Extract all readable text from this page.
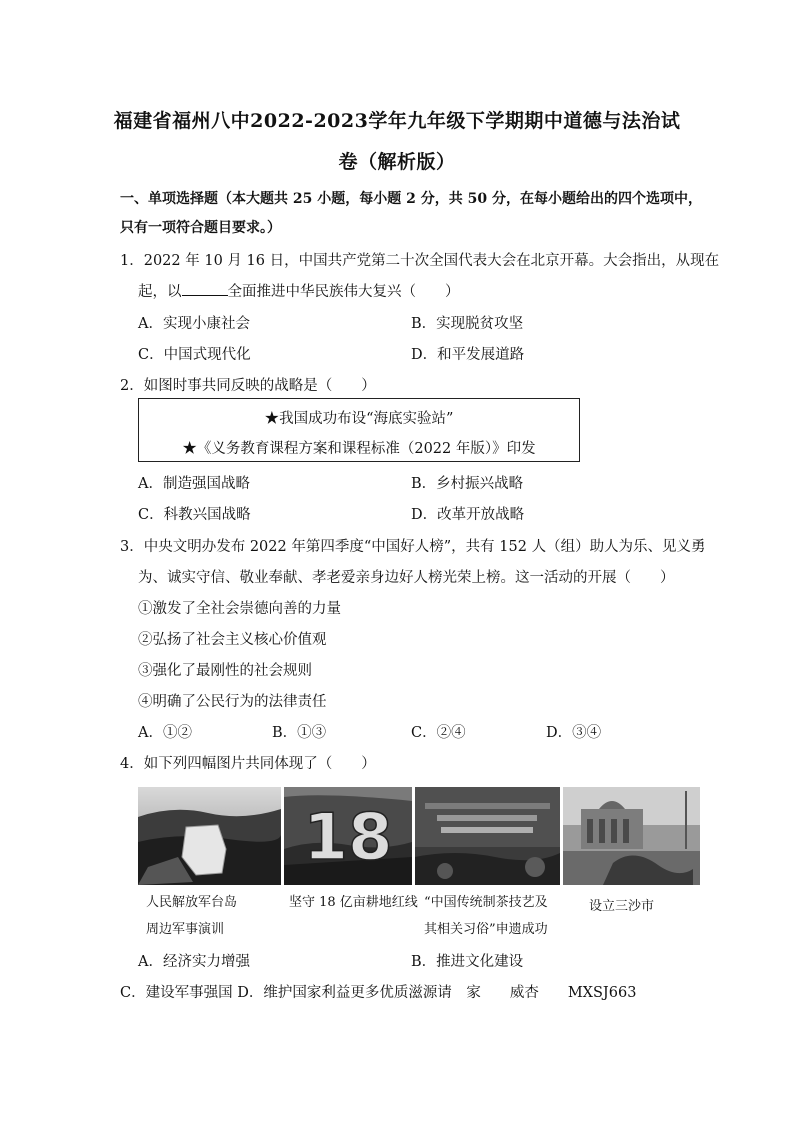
福建省福州八中2022-2023学年九年级下学期期中道德与法治试
卷（解析版）
一、单项选择题（本大题共 25 小题，每小题 2 分，共 50 分，在每小题给出的四个选项中，
只有一项符合题目要求。）
1．2022 年 10 月 16 日，中国共产党第二十次全国代表大会在北京开幕。大会指出，从现在
起，以	全面推进中华民族伟大复兴（　　）
A．实现小康社会	B．实现脱贫攻坚
C．中国式现代化	D．和平发展道路
2．如图时事共同反映的战略是（　　）
★我国成功布设“海底实验站”
★《义务教育课程方案和课程标准（2022 年版）》印发
A．制造强国战略	B．乡村振兴战略
C．科教兴国战略	D．改革开放战略
3．中央文明办发布 2022 年第四季度“中国好人榜”，共有 152 人（组）助人为乐、见义勇
为、诚实守信、敬业奉献、孝老爱亲身边好人榜光荣上榜。这一活动的开展（　　）
①激发了全社会崇德向善的力量
②弘扬了社会主义核心价值观
③强化了最刚性的社会规则
④明确了公民行为的法律责任
A．①②	B．①③	C．②④	D．③④
4．如下列四幅图片共同体现了（　　）
18
人民解放军台岛
周边军事演训
坚守 18 亿亩耕地红线 “中国传统制茶技艺及
其相关习俗”申遗成功
设立三沙市
A．经济实力增强	B．推进文化建设
C．建设军事强国 D．维护国家利益更多优质滋源请　家　　威杏　　MXSJ663
